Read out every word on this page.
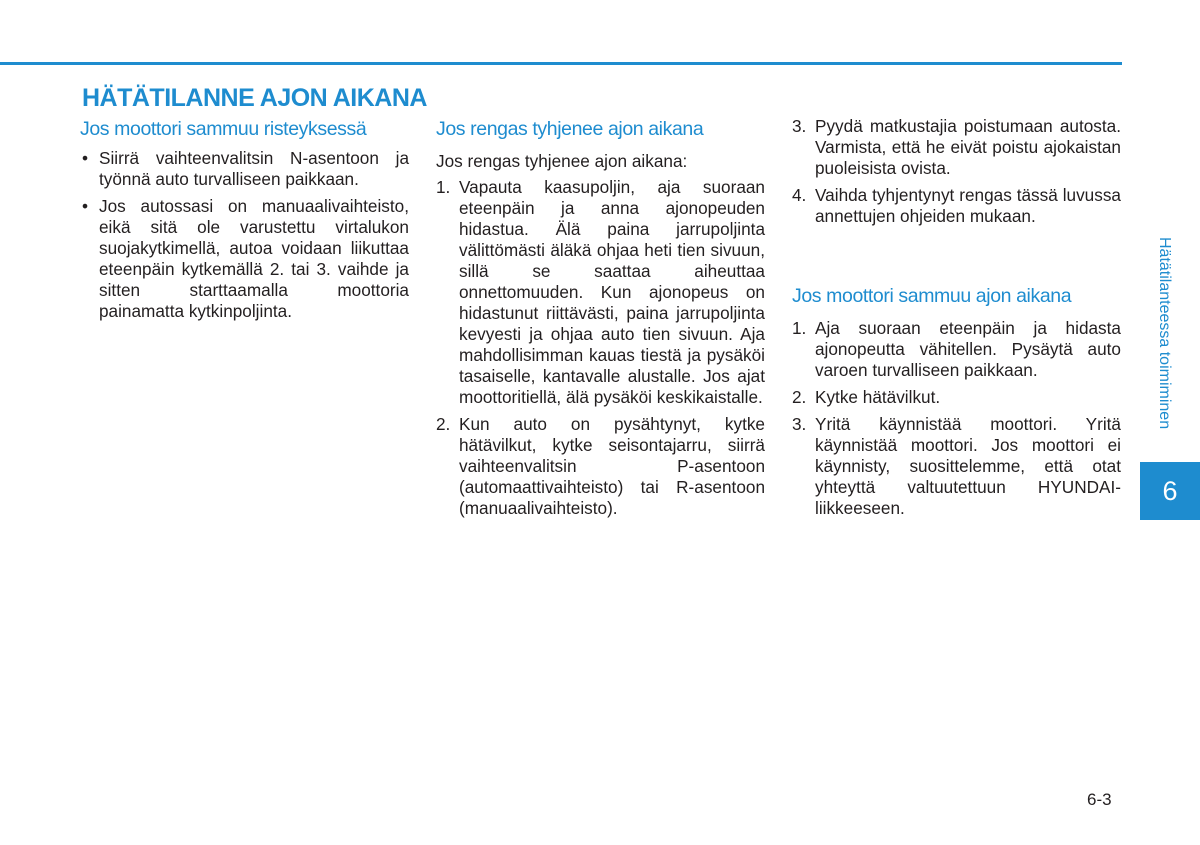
HÄTÄTILANNE AJON AIKANA
Jos moottori sammuu risteyksessä
• Siirrä vaihteenvalitsin N-asentoon ja työnnä auto turvalliseen paikkaan.
• Jos autossasi on manuaalivaihteisto, eikä sitä ole varustettu virtalukon suojakytkimellä, autoa voidaan liikuttaa eteenpäin kytkemällä 2. tai 3. vaihde ja sitten starttaamalla moottoria painamatta kytkinpoljinta.
Jos rengas tyhjenee ajon aikana

Jos rengas tyhjenee ajon aikana:

1. Vapauta kaasupoljin, aja suoraan eteenpäin ja anna ajonopeuden hidastua. Älä paina jarrupoljinta välittömästi äläkä ohjaa heti tien sivuun, sillä se saattaa aiheuttaa onnettomuuden. Kun ajonopeus on hidastunut riittävästi, paina jarrupoljinta kevyesti ja ohjaa auto tien sivuun. Aja mahdollisimman kauas tiestä ja pysäköi tasaiselle, kantavalle alustalle. Jos ajat moottoritiellä, älä pysäköi keskikaistalle.
2. Kun auto on pysähtynyt, kytke hätävilkut, kytke seisontajarru, siirrä vaihteenvalitsin P-asentoon (automaattivaihteisto) tai R-asentoon (manuaalivaihteisto).
3. Pyydä matkustajia poistumaan autosta. Varmista, että he eivät poistu ajokaistan puoleisista ovista.
4. Vaihda tyhjentynyt rengas tässä luvussa annettujen ohjeiden mukaan.
Jos moottori sammuu ajon aikana
1. Aja suoraan eteenpäin ja hidasta ajonopeutta vähitellen. Pysäytä auto varoen turvalliseen paikkaan.
2. Kytke hätävilkut.
3. Yritä käynnistää moottori. Yritä käynnistää moottori. Jos moottori ei käynnisty, suosittelemme, että otat yhteyttä valtuutettuun HYUNDAI-liikkeeseen.
Hätätilanteessa toimiminen
6
6-3
